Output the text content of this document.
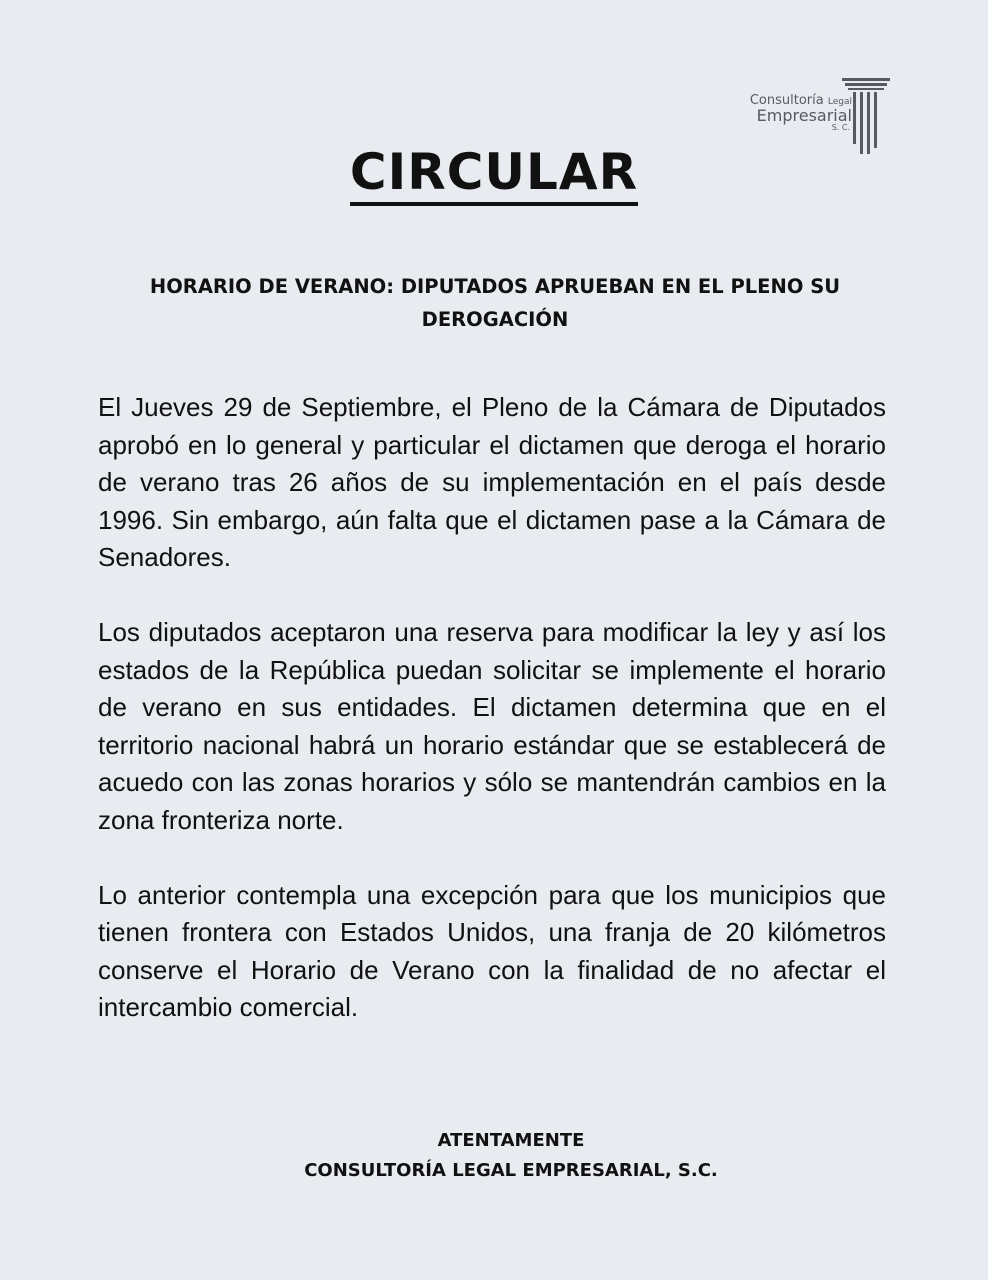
Consultoría Legal
Empresarial
S. C.
CIRCULAR
HORARIO DE VERANO: DIPUTADOS APRUEBAN EN EL PLENO SU DEROGACIÓN

El Jueves 29 de Septiembre, el Pleno de la Cámara de Diputados aprobó en lo general y particular el dictamen que deroga el horario de verano tras 26 años de su implementación en el país desde 1996. Sin embargo, aún falta que el dictamen pase a la Cámara de Senadores.

Los diputados aceptaron una reserva para modificar la ley y así los estados de la República puedan solicitar se implemente el horario de verano en sus entidades. El dictamen determina que en el territorio nacional habrá un horario estándar que se establecerá de acuedo con las zonas horarios y sólo se mantendrán cambios en la zona fronteriza norte.

Lo anterior contempla una excepción para que los municipios que tienen frontera con Estados Unidos, una franja de 20 kilómetros conserve el Horario de Verano con la finalidad de no afectar el intercambio comercial.

ATENTAMENTE
CONSULTORÍA LEGAL EMPRESARIAL, S.C.
